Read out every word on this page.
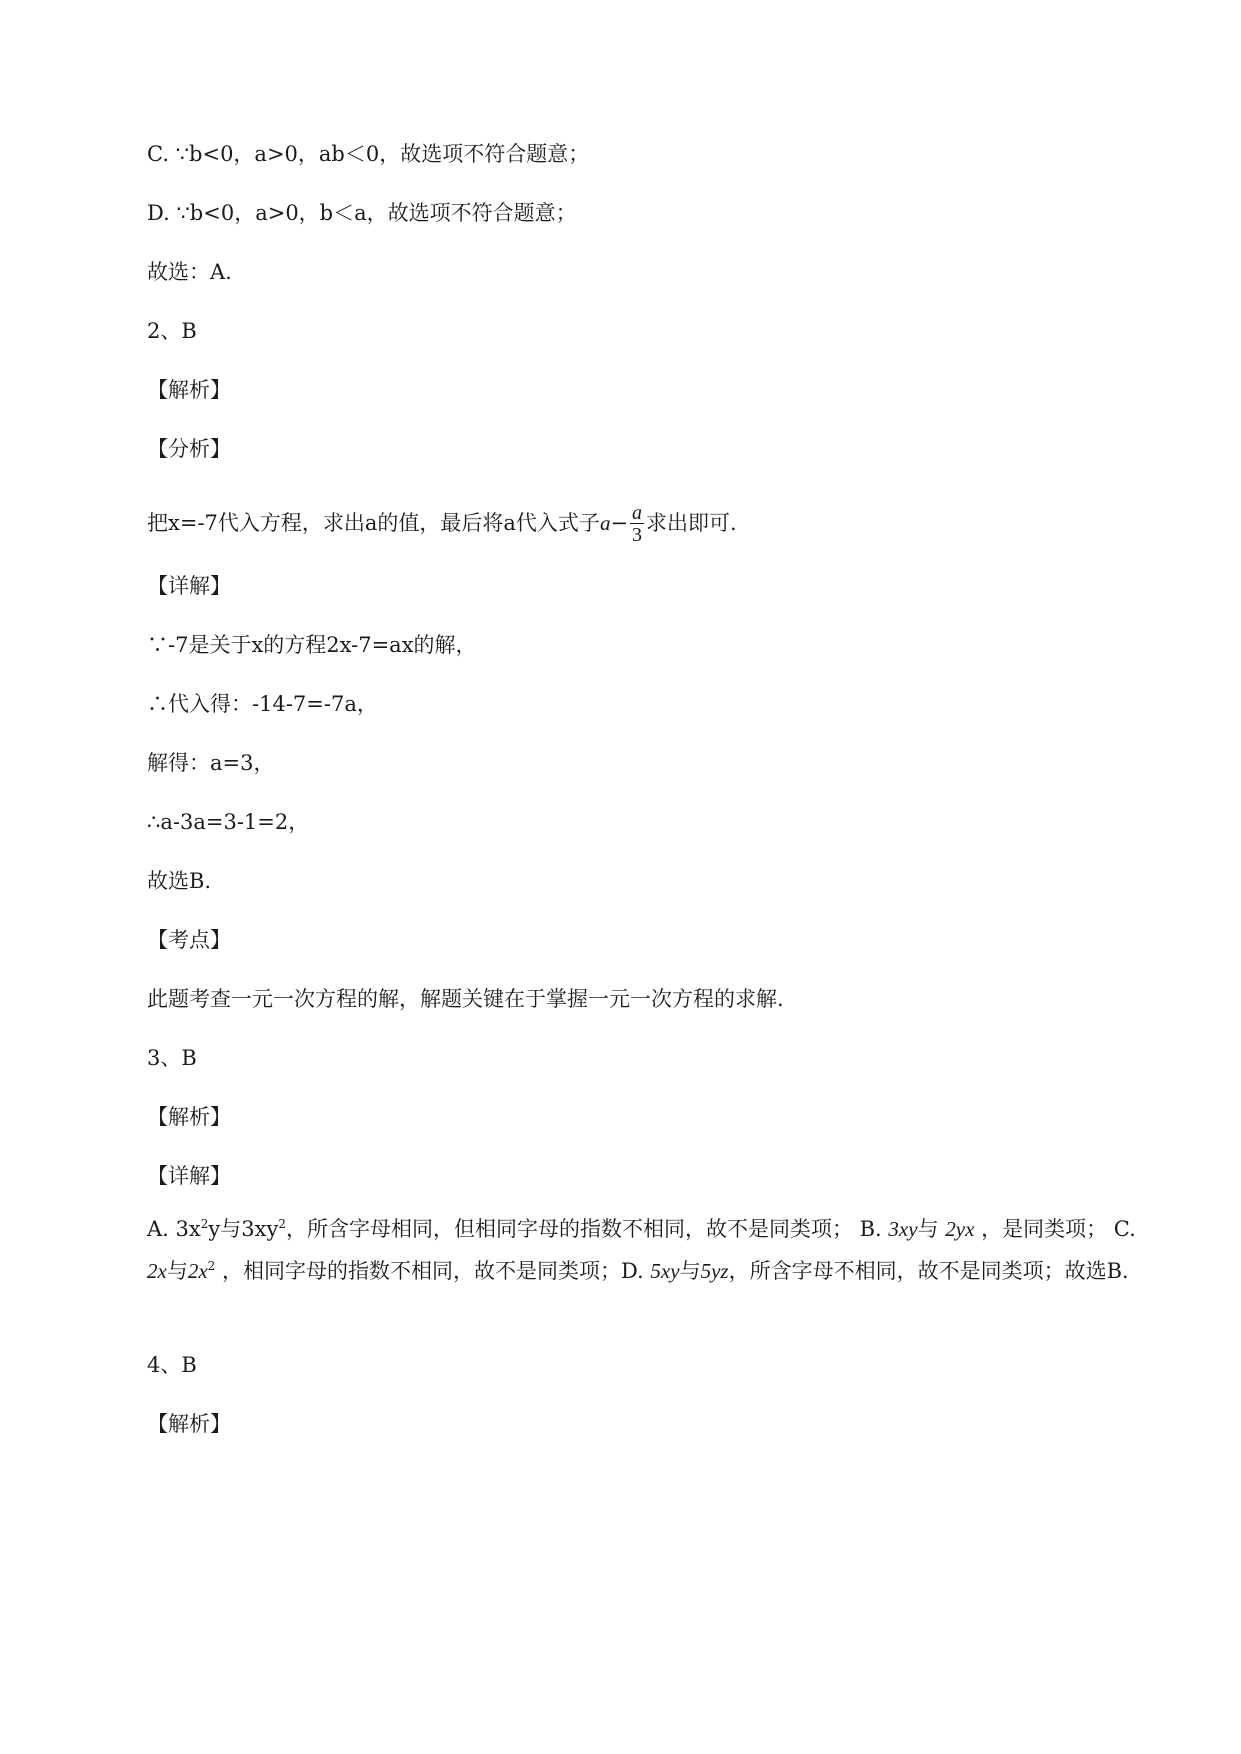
C. ∵b<0，a>0，ab＜0，故选项不符合题意；
D. ∵b<0，a>0，b＜a，故选项不符合题意；
故选：A.
2、B
【解析】
【分析】
把x=-7代入方程，求出a的值，最后将a代入式子$a- \frac{a}{3}$ 求出即可.
【详解】
∵-7是关于x的方程2x-7=ax的解，
∴代入得：-14-7=-7a，
解得：a=3，
∴a-3a=3-1=2，
故选B.
【考点】
此题考查一元一次方程的解，解题关键在于掌握一元一次方程的求解.
3、B
【解析】
【详解】
A. $3x^2y$与$3xy^2$，所含字母相同，但相同字母的指数不相同，故不是同类项； B. 3xy与 2yx ，是同类项； C. 2x与$2x^2$ ，相同字母的指数不相同，故不是同类项；D. 5xy与5yz，所含字母不相同，故不是同类项；故选B.
4、B
【解析】
